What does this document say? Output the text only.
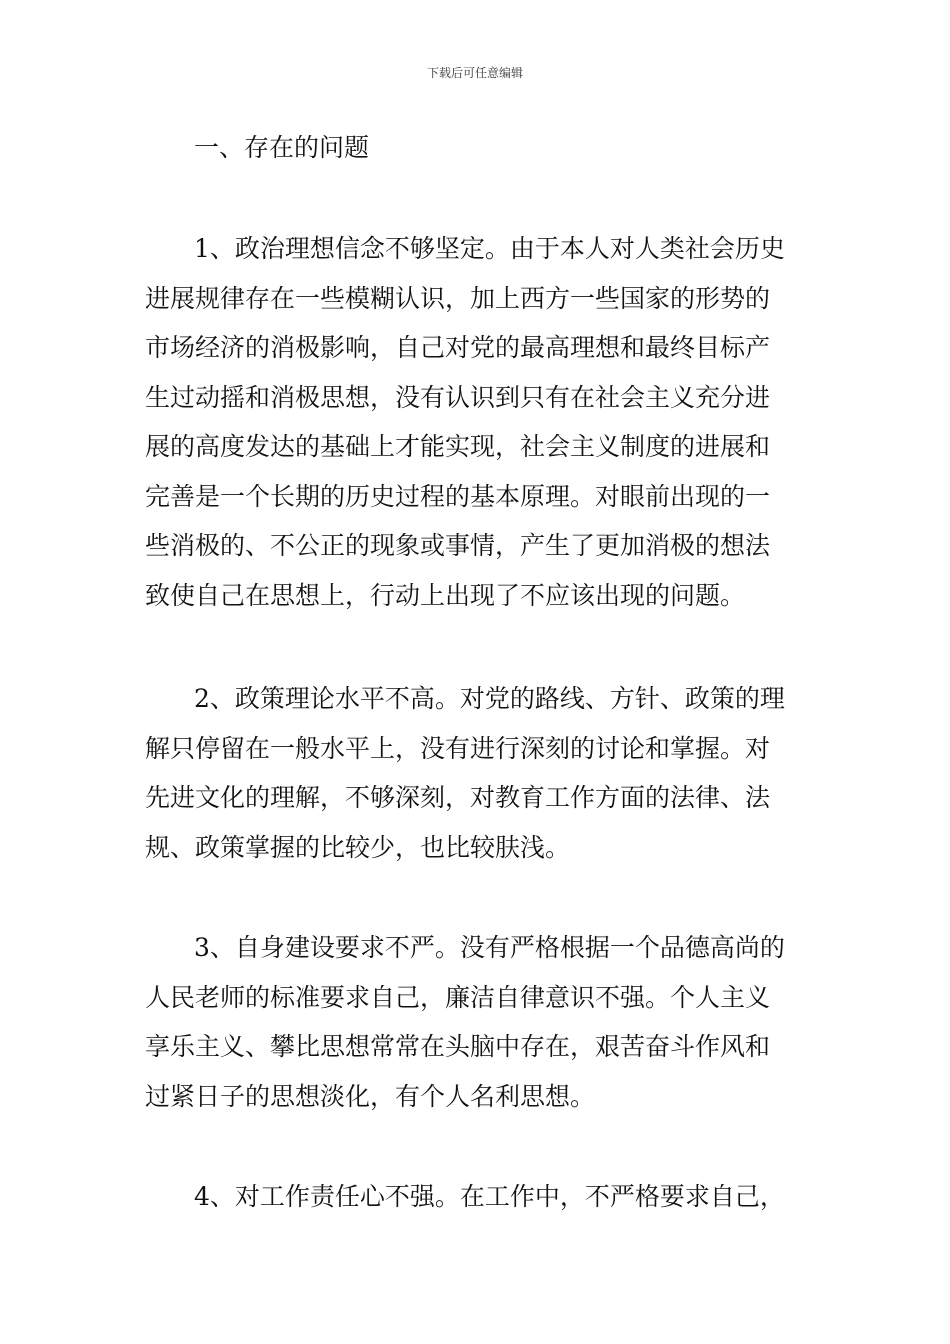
下载后可任意编辑
一、存在的问题

1、政治理想信念不够坚定。由于本人对人类社会历史
进展规律存在一些模糊认识，加上西方一些国家的形势的
市场经济的消极影响，自己对党的最高理想和最终目标产
生过动摇和消极思想，没有认识到只有在社会主义充分进
展的高度发达的基础上才能实现，社会主义制度的进展和
完善是一个长期的历史过程的基本原理。对眼前出现的一
些消极的、不公正的现象或事情，产生了更加消极的想法
致使自己在思想上，行动上出现了不应该出现的问题。

2、政策理论水平不高。对党的路线、方针、政策的理
解只停留在一般水平上，没有进行深刻的讨论和掌握。对
先进文化的理解，不够深刻，对教育工作方面的法律、法
规、政策掌握的比较少，也比较肤浅。

3、自身建设要求不严。没有严格根据一个品德高尚的
人民老师的标准要求自己，廉洁自律意识不强。个人主义
享乐主义、攀比思想常常在头脑中存在，艰苦奋斗作风和
过紧日子的思想淡化，有个人名利思想。

4、对工作责任心不强。在工作中，不严格要求自己，
